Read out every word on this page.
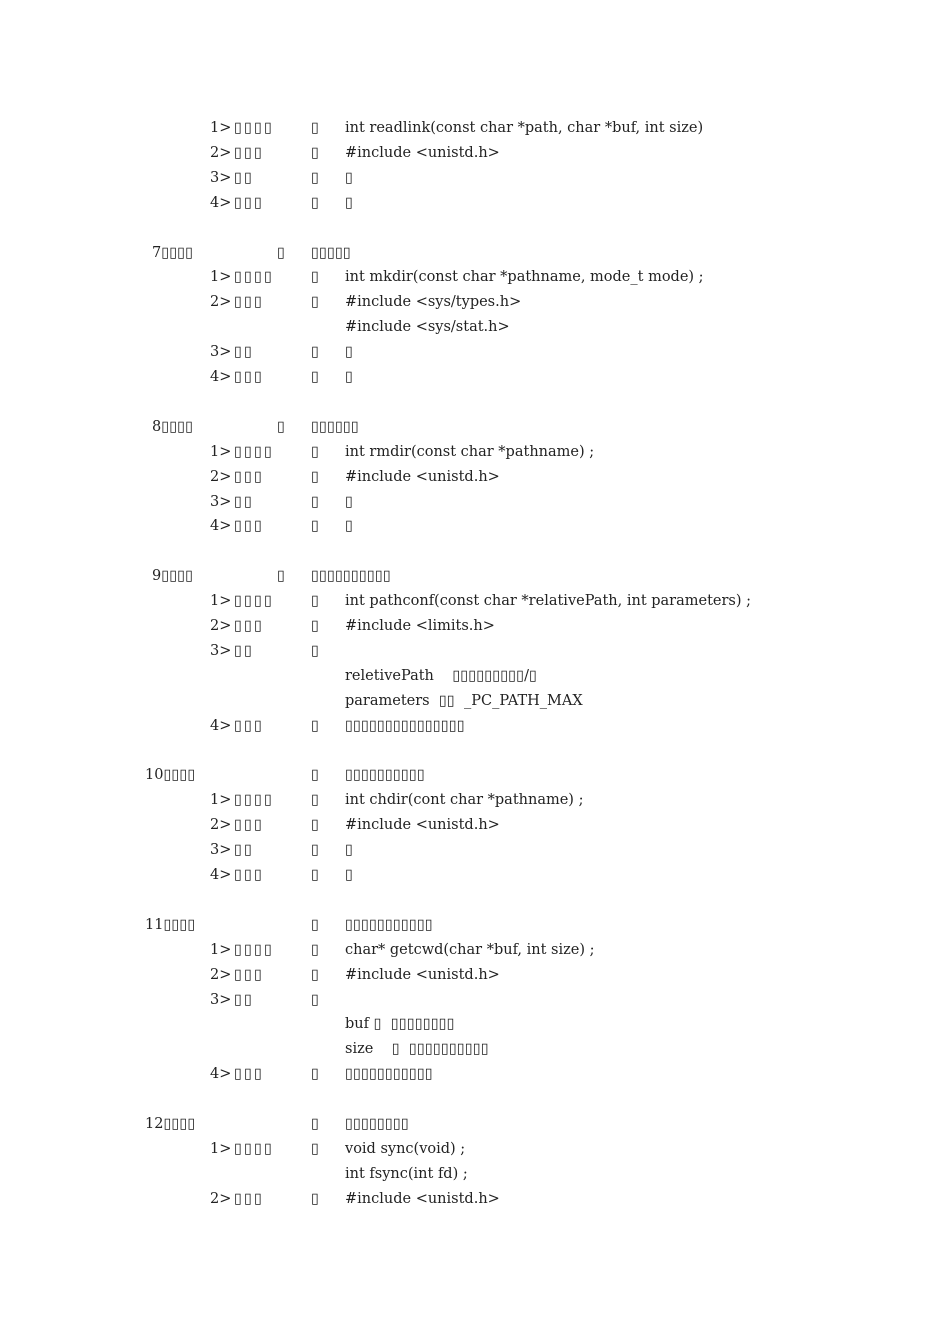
1> ▯▯▯▯	▯ int readlink(const char *path, char *buf, int size)
2> ▯▯▯	▯ #include <unistd.h>
3> ▯▯	▯ ▯
4> ▯▯▯	▯ ▯
7▯▯▯▯	▯ ▯▯▯▯▯
1> ▯▯▯▯	▯ int mkdir(const char *pathname, mode_t mode) ;
2> ▯▯▯	▯ #include <sys/types.h>
#include <sys/stat.h>
3> ▯▯	▯ ▯
4> ▯▯▯	▯ ▯
8▯▯▯▯	▯ ▯▯▯▯▯▯
1> ▯▯▯▯	▯ int rmdir(const char *pathname) ;
2> ▯▯▯	▯ #include <unistd.h>
3> ▯▯	▯ ▯
4> ▯▯▯	▯ ▯
9▯▯▯▯	▯ ▯▯▯▯▯▯▯▯▯▯
1> ▯▯▯▯	▯ int pathconf(const char *relativePath, int parameters) ;
2> ▯▯▯	▯ #include <limits.h>
3> ▯▯	▯
reletivePath    ▯▯▯▯▯▯▯▯▯/▯
parameters  ▯▯  _PC_PATH_MAX
4> ▯▯▯	▯ ▯▯▯▯▯▯▯▯▯▯▯▯▯▯▯
10▯▯▯▯	▯ ▯▯▯▯▯▯▯▯▯▯
1> ▯▯▯▯	▯ int chdir(cont char *pathname) ;
2> ▯▯▯	▯ #include <unistd.h>
3> ▯▯	▯ ▯
4> ▯▯▯	▯ ▯
11▯▯▯▯	▯ ▯▯▯▯▯▯▯▯▯▯▯
1> ▯▯▯▯	▯ char* getcwd(char *buf, int size) ;
2> ▯▯▯	▯ #include <unistd.h>
3> ▯▯	▯
buf ▯  ▯▯▯▯▯▯▯▯
size    ▯  ▯▯▯▯▯▯▯▯▯▯
4> ▯▯▯	▯ ▯▯▯▯▯▯▯▯▯▯▯
12▯▯▯▯	▯ ▯▯▯▯▯▯▯▯
1> ▯▯▯▯	▯ void sync(void) ;
int fsync(int fd) ;
2> ▯▯▯	▯ #include <unistd.h>
